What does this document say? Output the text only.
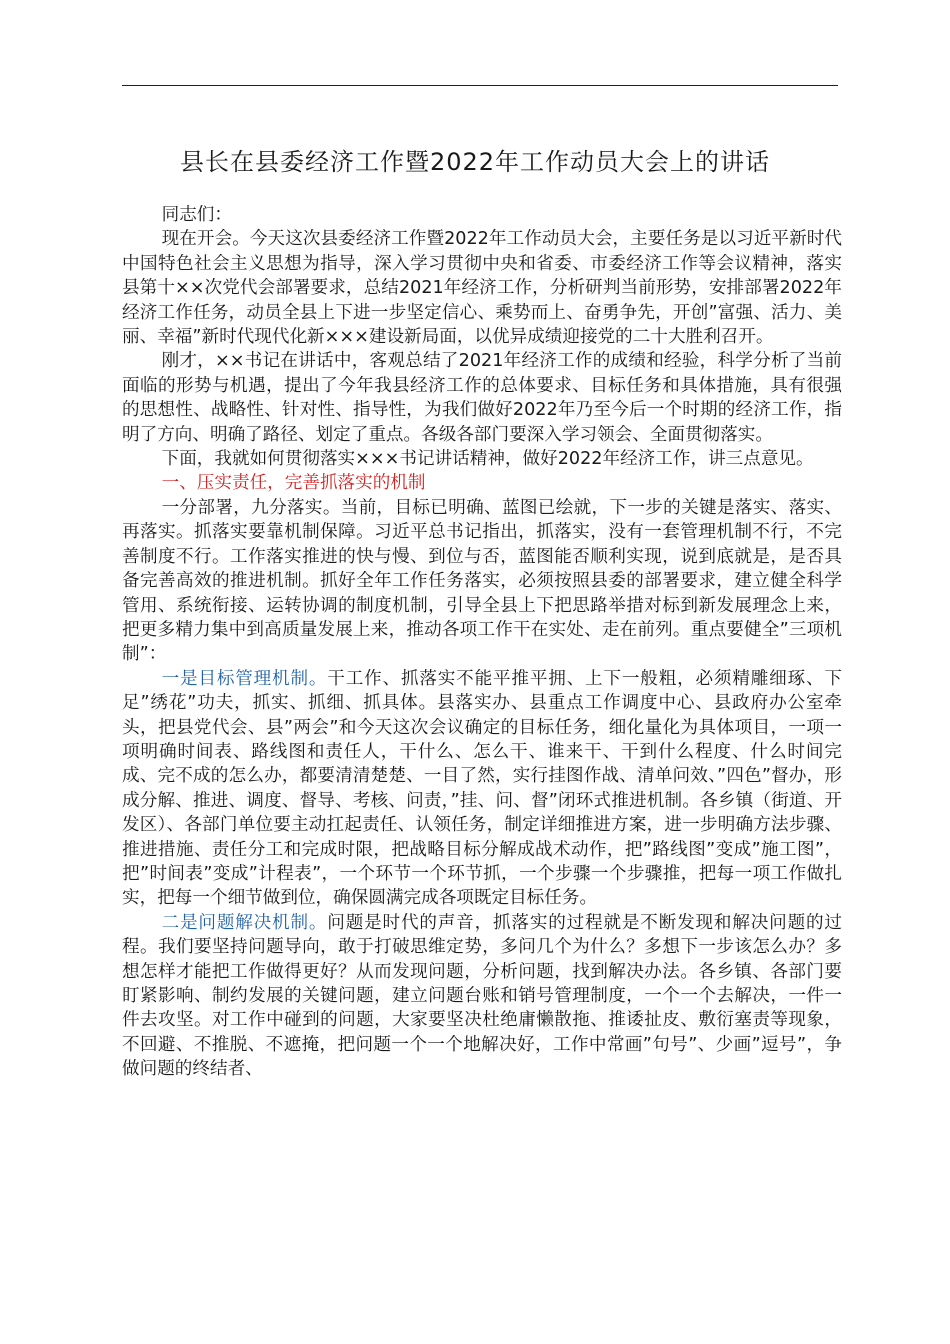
县长在县委经济工作暨2022年工作动员大会上的讲话

同志们：

现在开会。今天这次县委经济工作暨2022年工作动员大会，主要任务是以习近平新时代中国特色社会主义思想为指导，深入学习贯彻中央和省委、市委经济工作等会议精神，落实县第十××次党代会部署要求，总结2021年经济工作，分析研判当前形势，安排部署2022年经济工作任务，动员全县上下进一步坚定信心、乘势而上、奋勇争先，开创”富强、活力、美丽、幸福”新时代现代化新×××建设新局面，以优异成绩迎接党的二十大胜利召开。

刚才，××书记在讲话中，客观总结了2021年经济工作的成绩和经验，科学分析了当前面临的形势与机遇，提出了今年我县经济工作的总体要求、目标任务和具体措施，具有很强的思想性、战略性、针对性、指导性，为我们做好2022年乃至今后一个时期的经济工作，指明了方向、明确了路径、划定了重点。各级各部门要深入学习领会、全面贯彻落实。

下面，我就如何贯彻落实×××书记讲话精神，做好2022年经济工作，讲三点意见。

一、压实责任，完善抓落实的机制

一分部署，九分落实。当前，目标已明确、蓝图已绘就，下一步的关键是落实、落实、再落实。抓落实要靠机制保障。习近平总书记指出，抓落实，没有一套管理机制不行，不完善制度不行。工作落实推进的快与慢、到位与否，蓝图能否顺利实现，说到底就是，是否具备完善高效的推进机制。抓好全年工作任务落实，必须按照县委的部署要求，建立健全科学管用、系统衔接、运转协调的制度机制，引导全县上下把思路举措对标到新发展理念上来，把更多精力集中到高质量发展上来，推动各项工作干在实处、走在前列。重点要健全”三项机制”：

一是目标管理机制。干工作、抓落实不能平推平拥、上下一般粗，必须精雕细琢、下足”绣花”功夫，抓实、抓细、抓具体。县落实办、县重点工作调度中心、县政府办公室牵头，把县党代会、县”两会”和今天这次会议确定的目标任务，细化量化为具体项目，一项一项明确时间表、路线图和责任人，干什么、怎么干、谁来干、干到什么程度、什么时间完成、完不成的怎么办，都要清清楚楚、一目了然，实行挂图作战、清单问效、”四色”督办，形成分解、推进、调度、督导、考核、问责，”挂、问、督”闭环式推进机制。各乡镇（街道、开发区）、各部门单位要主动扛起责任、认领任务，制定详细推进方案，进一步明确方法步骤、推进措施、责任分工和完成时限，把战略目标分解成战术动作，把”路线图”变成”施工图”，把”时间表”变成”计程表”，一个环节一个环节抓，一个步骤一个步骤推，把每一项工作做扎实，把每一个细节做到位，确保圆满完成各项既定目标任务。

二是问题解决机制。问题是时代的声音，抓落实的过程就是不断发现和解决问题的过程。我们要坚持问题导向，敢于打破思维定势，多问几个为什么？多想下一步该怎么办？多想怎样才能把工作做得更好？从而发现问题，分析问题，找到解决办法。各乡镇、各部门要盯紧影响、制约发展的关键问题，建立问题台账和销号管理制度，一个一个去解决，一件一件去攻坚。对工作中碰到的问题，大家要坚决杜绝庸懒散拖、推诿扯皮、敷衍塞责等现象，不回避、不推脱、不遮掩，把问题一个一个地解决好，工作中常画”句号”、少画”逗号”，争做问题的终结者、
